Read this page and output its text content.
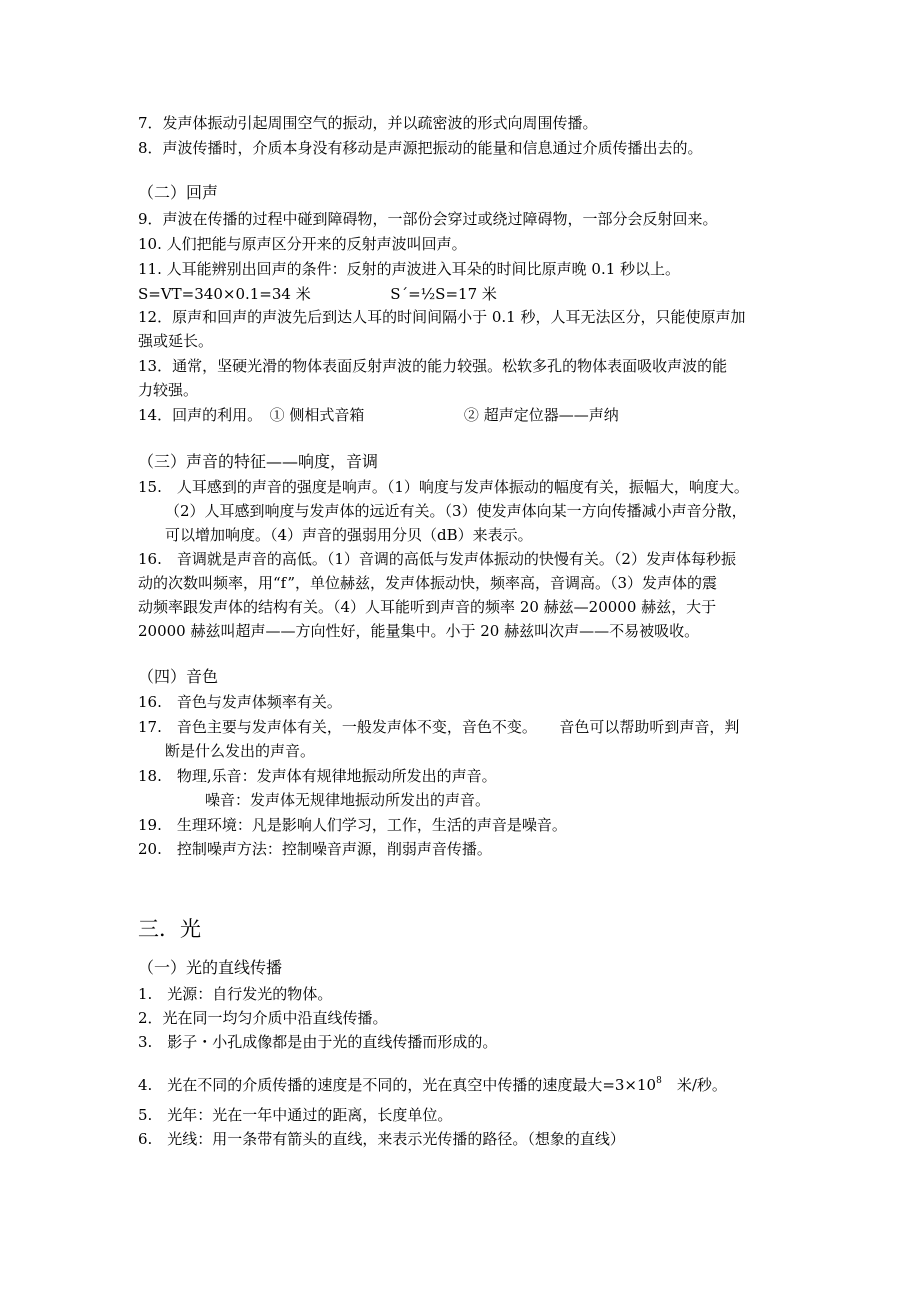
7．发声体振动引起周围空气的振动，并以疏密波的形式向周围传播。
8．声波传播时，介质本身没有移动是声源把振动的能量和信息通过介质传播出去的。
（二）回声
9．声波在传播的过程中碰到障碍物，一部份会穿过或绕过障碍物，一部分会反射回来。
10. 人们把能与原声区分开来的反射声波叫回声。
11. 人耳能辨别出回声的条件：反射的声波进入耳朵的时间比原声晚 0.1 秒以上。
S=VT=340×0.1=34 米	S´=½S=17 米
12．原声和回声的声波先后到达人耳的时间间隔小于 0.1 秒，人耳无法区分，只能使原声加
强或延长。
13．通常，坚硬光滑的物体表面反射声波的能力较强。松软多孔的物体表面吸收声波的能
力较强。
14．回声的利用。　① 侧相式音箱	② 超声定位器——声纳
（三）声音的特征——响度，音调
15.　人耳感到的声音的强度是响声。（1）响度与发声体振动的幅度有关，振幅大，响度大。
（2）人耳感到响度与发声体的远近有关。（3）使发声体向某一方向传播减小声音分散，
可以增加响度。（4）声音的强弱用分贝（dB）来表示。
16.　音调就是声音的高低。（1）音调的高低与发声体振动的快慢有关。（2）发声体每秒振
动的次数叫频率，用“f”，单位赫兹，发声体振动快，频率高，音调高。（3）发声体的震
动频率跟发声体的结构有关。（4）人耳能听到声音的频率 20 赫兹—20000 赫兹，大于
20000 赫兹叫超声——方向性好，能量集中。小于 20 赫兹叫次声——不易被吸收。
（四）音色
16.　音色与发声体频率有关。
17.　音色主要与发声体有关，一般发声体不变，音色不变。　　音色可以帮助听到声音，判
断是什么发出的声音。
18.　物理,乐音：发声体有规律地振动所发出的声音。
噪音：发声体无规律地振动所发出的声音。
19.　生理环境：凡是影响人们学习，工作，生活的声音是噪音。
20.　控制噪声方法：控制噪音声源，削弱声音传播。
三．光
（一）光的直线传播
1.　光源：自行发光的物体。
2．光在同一均匀介质中沿直线传播。
3.　影子・小孔成像都是由于光的直线传播而形成的。
4.　光在不同的介质传播的速度是不同的，光在真空中传播的速度最大$=3\times 10^8$　米/秒。
5.　光年：光在一年中通过的距离，长度单位。
6.　光线：用一条带有箭头的直线，来表示光传播的路径。（想象的直线）
